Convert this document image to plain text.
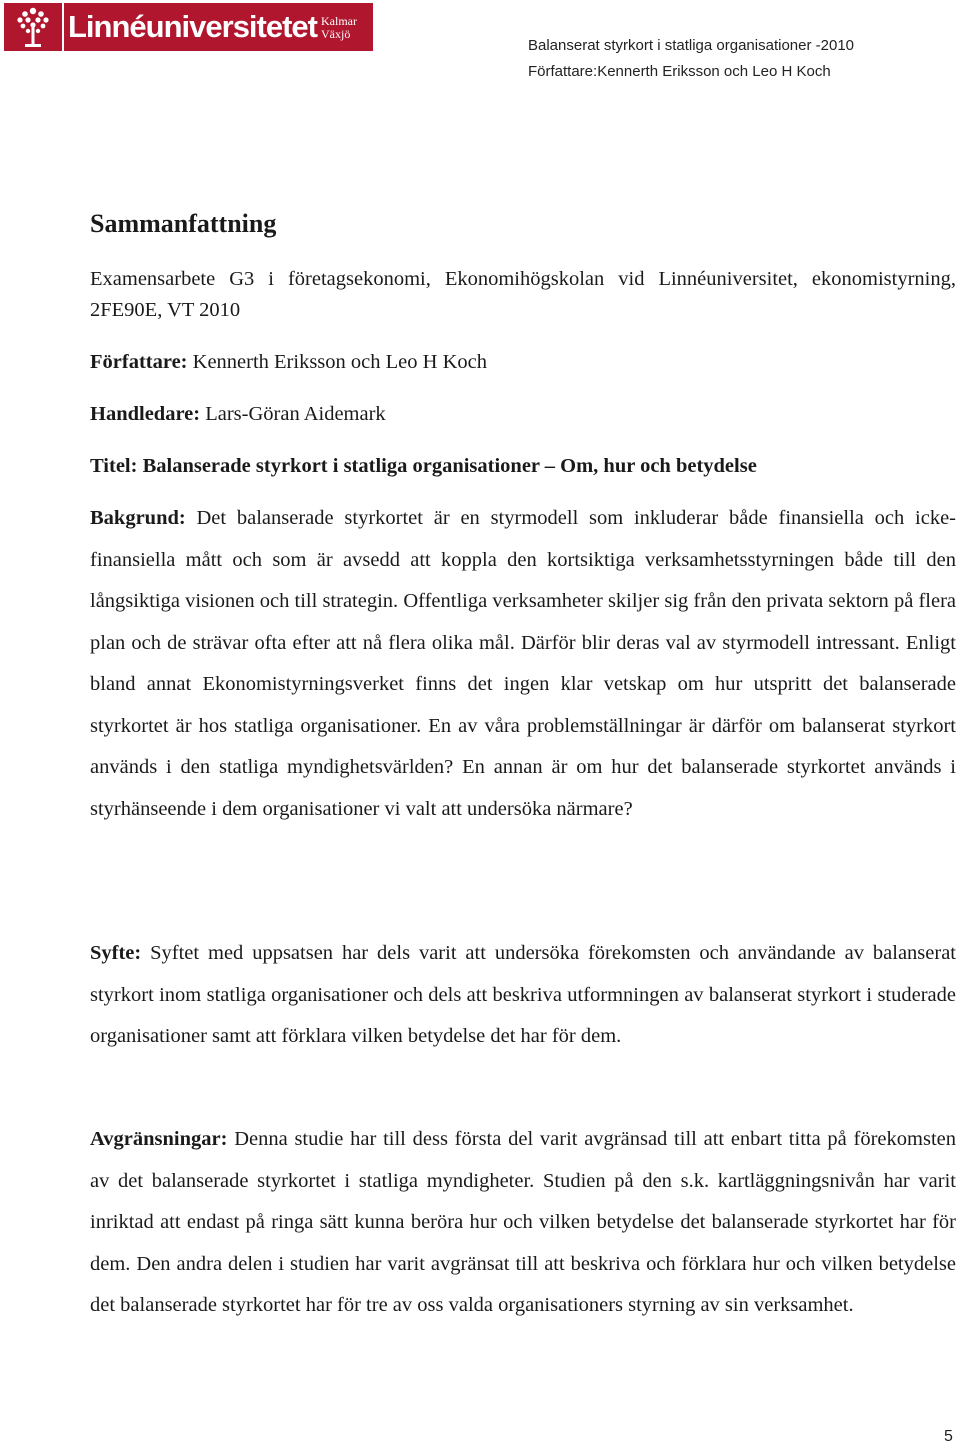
Linnéuniversitetet Kalmar
Växjö
Balanserat styrkort i statliga organisationer -2010
Författare:Kennerth Eriksson och Leo H Koch
Sammanfattning

Examensarbete G3 i företagsekonomi, Ekonomihögskolan vid Linnéuniversitet, ekonomistyrning, 2FE90E, VT 2010

Författare: Kennerth Eriksson och Leo H Koch

Handledare: Lars-Göran Aidemark

Titel: Balanserade styrkort i statliga organisationer – Om, hur och betydelse

Bakgrund: Det balanserade styrkortet är en styrmodell som inkluderar både finansiella och icke-finansiella mått och som är avsedd att koppla den kortsiktiga verksamhetsstyrningen både till den långsiktiga visionen och till strategin. Offentliga verksamheter skiljer sig från den privata sektorn på flera plan och de strävar ofta efter att nå flera olika mål. Därför blir deras val av styrmodell intressant. Enligt bland annat Ekonomistyrningsverket finns det ingen klar vetskap om hur utspritt det balanserade styrkortet är hos statliga organisationer. En av våra problemställningar är därför om balanserat styrkort används i den statliga myndighetsvärlden? En annan är om hur det balanserade styrkortet används i styrhänseende i dem organisationer vi valt att undersöka närmare?

Syfte: Syftet med uppsatsen har dels varit att undersöka förekomsten och användande av balanserat styrkort inom statliga organisationer och dels att beskriva utformningen av balanserat styrkort i studerade organisationer samt att förklara vilken betydelse det har för dem.

Avgränsningar: Denna studie har till dess första del varit avgränsad till att enbart titta på förekomsten av det balanserade styrkortet i statliga myndigheter. Studien på den s.k. kartläggningsnivån har varit inriktad att endast på ringa sätt kunna beröra hur och vilken betydelse det balanserade styrkortet har för dem. Den andra delen i studien har varit avgränsat till att beskriva och förklara hur och vilken betydelse det balanserade styrkortet har för tre av oss valda organisationers styrning av sin verksamhet.

5
